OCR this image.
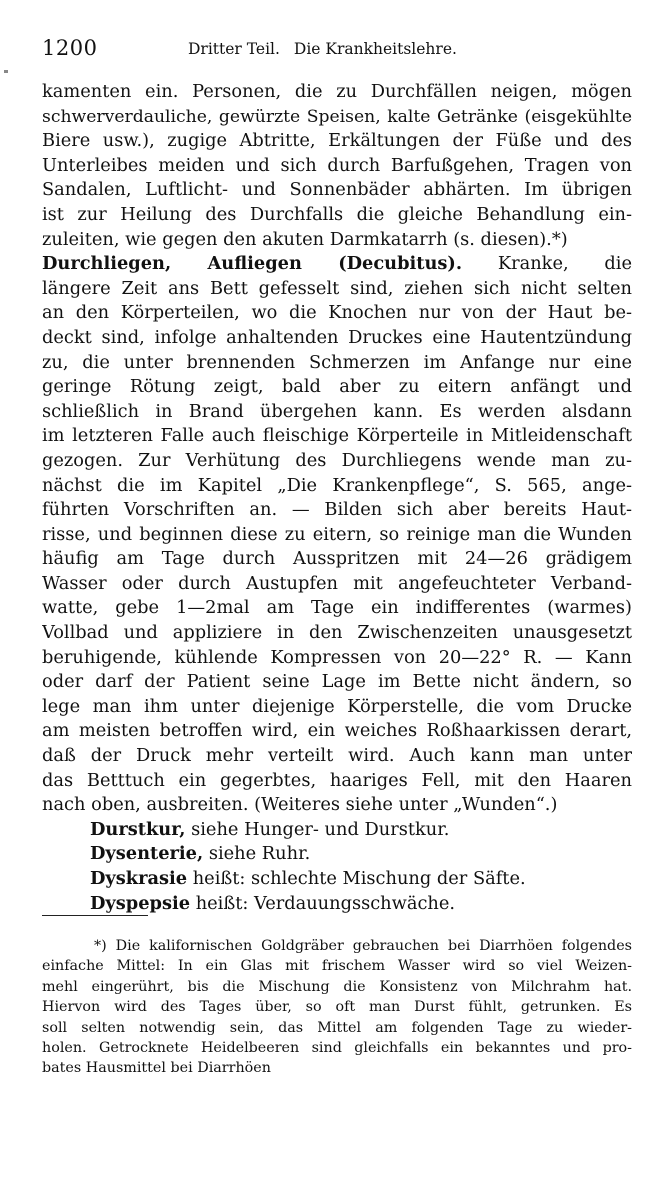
1200	Dritter Teil. Die Krankheitslehre.
kamenten ein. Personen, die zu Durchfällen neigen, mögen
schwerverdauliche, gewürzte Speisen, kalte Getränke (eisgekühlte
Biere usw.), zugige Abtritte, Erkältungen der Füße und des
Unterleibes meiden und sich durch Barfußgehen, Tragen von
Sandalen, Luftlicht- und Sonnenbäder abhärten. Im übrigen
ist zur Heilung des Durchfalls die gleiche Behandlung ein-
zuleiten, wie gegen den akuten Darmkatarrh (s. diesen).*)
Durchliegen, Aufliegen (Decubitus). Kranke, die
längere Zeit ans Bett gefesselt sind, ziehen sich nicht selten
an den Körperteilen, wo die Knochen nur von der Haut be-
deckt sind, infolge anhaltenden Druckes eine Hautentzündung
zu, die unter brennenden Schmerzen im Anfange nur eine
geringe Rötung zeigt, bald aber zu eitern anfängt und
schließlich in Brand übergehen kann. Es werden alsdann
im letzteren Falle auch fleischige Körperteile in Mitleidenschaft
gezogen. Zur Verhütung des Durchliegens wende man zu-
nächst die im Kapitel „Die Krankenpflege“, S. 565, ange-
führten Vorschriften an. — Bilden sich aber bereits Haut-
risse, und beginnen diese zu eitern, so reinige man die Wunden
häufig am Tage durch Ausspritzen mit 24—26 grädigem
Wasser oder durch Austupfen mit angefeuchteter Verband-
watte, gebe 1—2mal am Tage ein indifferentes (warmes)
Vollbad und appliziere in den Zwischenzeiten unausgesetzt
beruhigende, kühlende Kompressen von 20—22° R. — Kann
oder darf der Patient seine Lage im Bette nicht ändern, so
lege man ihm unter diejenige Körperstelle, die vom Drucke
am meisten betroffen wird, ein weiches Roßhaarkissen derart,
daß der Druck mehr verteilt wird. Auch kann man unter
das Betttuch ein gegerbtes, haariges Fell, mit den Haaren
nach oben, ausbreiten. (Weiteres siehe unter „Wunden“.)
Durstkur, siehe Hunger- und Durstkur.
Dysenterie, siehe Ruhr.
Dyskrasie heißt: schlechte Mischung der Säfte.
Dyspepsie heißt: Verdauungsschwäche.
*) Die kalifornischen Goldgräber gebrauchen bei Diarrhöen folgendes
einfache Mittel: In ein Glas mit frischem Wasser wird so viel Weizen-
mehl eingerührt, bis die Mischung die Konsistenz von Milchrahm hat.
Hiervon wird des Tages über, so oft man Durst fühlt, getrunken. Es
soll selten notwendig sein, das Mittel am folgenden Tage zu wieder-
holen. Getrocknete Heidelbeeren sind gleichfalls ein bekanntes und pro-
bates Hausmittel bei Diarrhöen
